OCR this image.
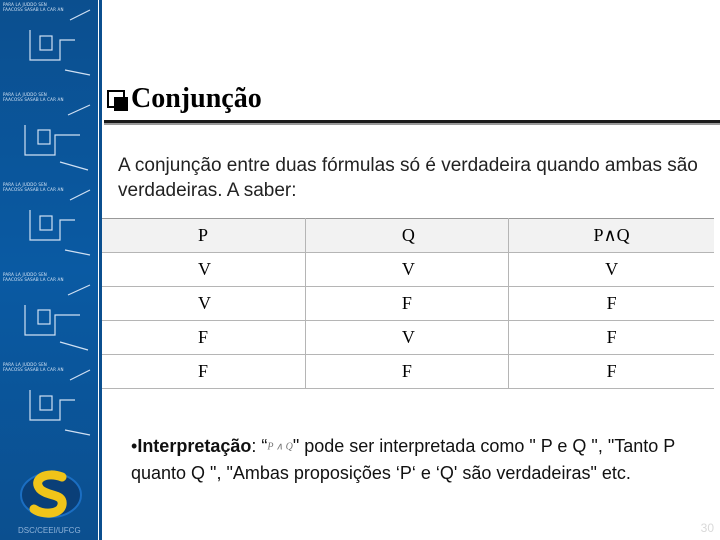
PARA LA JUDDO SEN
FAACOSS SASAB LA CAR AN
PARA LA JUDDO SEN
FAACOSS SASAB LA CAR AN
PARA LA JUDDO SEN
FAACOSS SASAB LA CAR AN
PARA LA JUDDO SEN
FAACOSS SASAB LA CAR AN
PARA LA JUDDO SEN
FAACOSS SASAB LA CAR AN
DSC/CEEI/UFCG
Conjunção
A conjunção entre duas fórmulas só é verdadeira quando ambas são verdadeiras. A saber:
P	Q	P∧Q
V	V	V
V	F	F
F	V	F
F	F	F
•Interpretação: “P ∧ Q" pode ser interpretada como " P e Q ", "Tanto P quanto Q ", "Ambas proposições ‘P‘ e ‘Q' são verdadeiras" etc.
30
